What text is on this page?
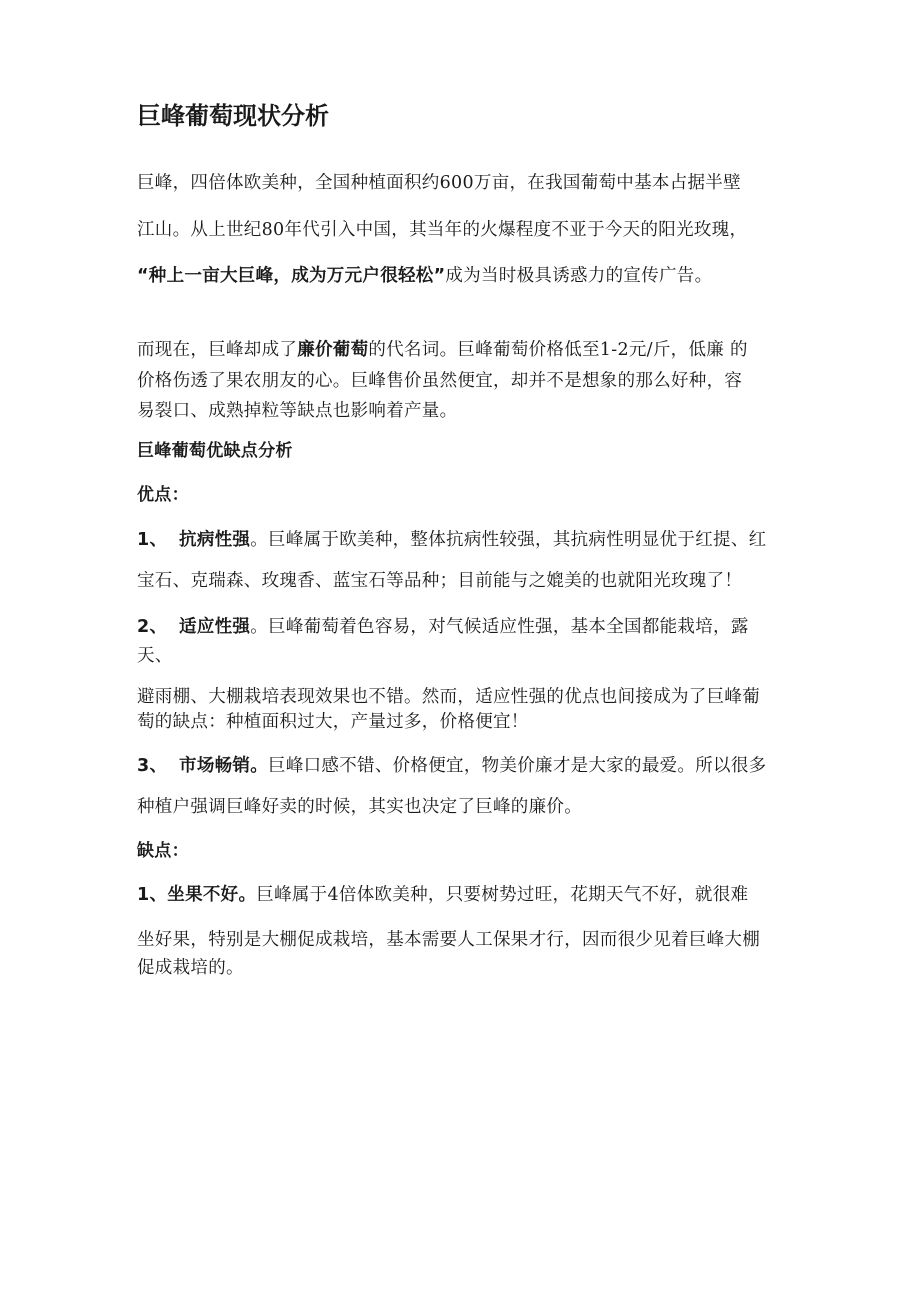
巨峰葡萄现状分析
巨峰，四倍体欧美种，全国种植面积约600万亩，在我国葡萄中基本占据半壁
江山。从上世纪80年代引入中国，其当年的火爆程度不亚于今天的阳光玫瑰，
“种上一亩大巨峰，成为万元户很轻松”成为当时极具诱惑力的宣传广告。
而现在，巨峰却成了廉价葡萄的代名词。巨峰葡萄价格低至1-2元/斤，低廉 的
价格伤透了果农朋友的心。巨峰售价虽然便宜，却并不是想象的那么好种，容
易裂口、成熟掉粒等缺点也影响着产量。
巨峰葡萄优缺点分析
优点：
1、 抗病性强。巨峰属于欧美种，整体抗病性较强，其抗病性明显优于红提、红
宝石、克瑞森、玫瑰香、蓝宝石等品种；目前能与之媲美的也就阳光玫瑰了！
2、 适应性强。巨峰葡萄着色容易，对气候适应性强，基本全国都能栽培，露
天、
避雨棚、大棚栽培表现效果也不错。然而，适应性强的优点也间接成为了巨峰葡
萄的缺点：种植面积过大，产量过多，价格便宜！
3、 市场畅销。巨峰口感不错、价格便宜，物美价廉才是大家的最爱。所以很多
种植户强调巨峰好卖的时候，其实也决定了巨峰的廉价。
缺点：
1、坐果不好。巨峰属于4倍体欧美种，只要树势过旺，花期天气不好，就很难
坐好果，特别是大棚促成栽培，基本需要人工保果才行，因而很少见着巨峰大棚
促成栽培的。
